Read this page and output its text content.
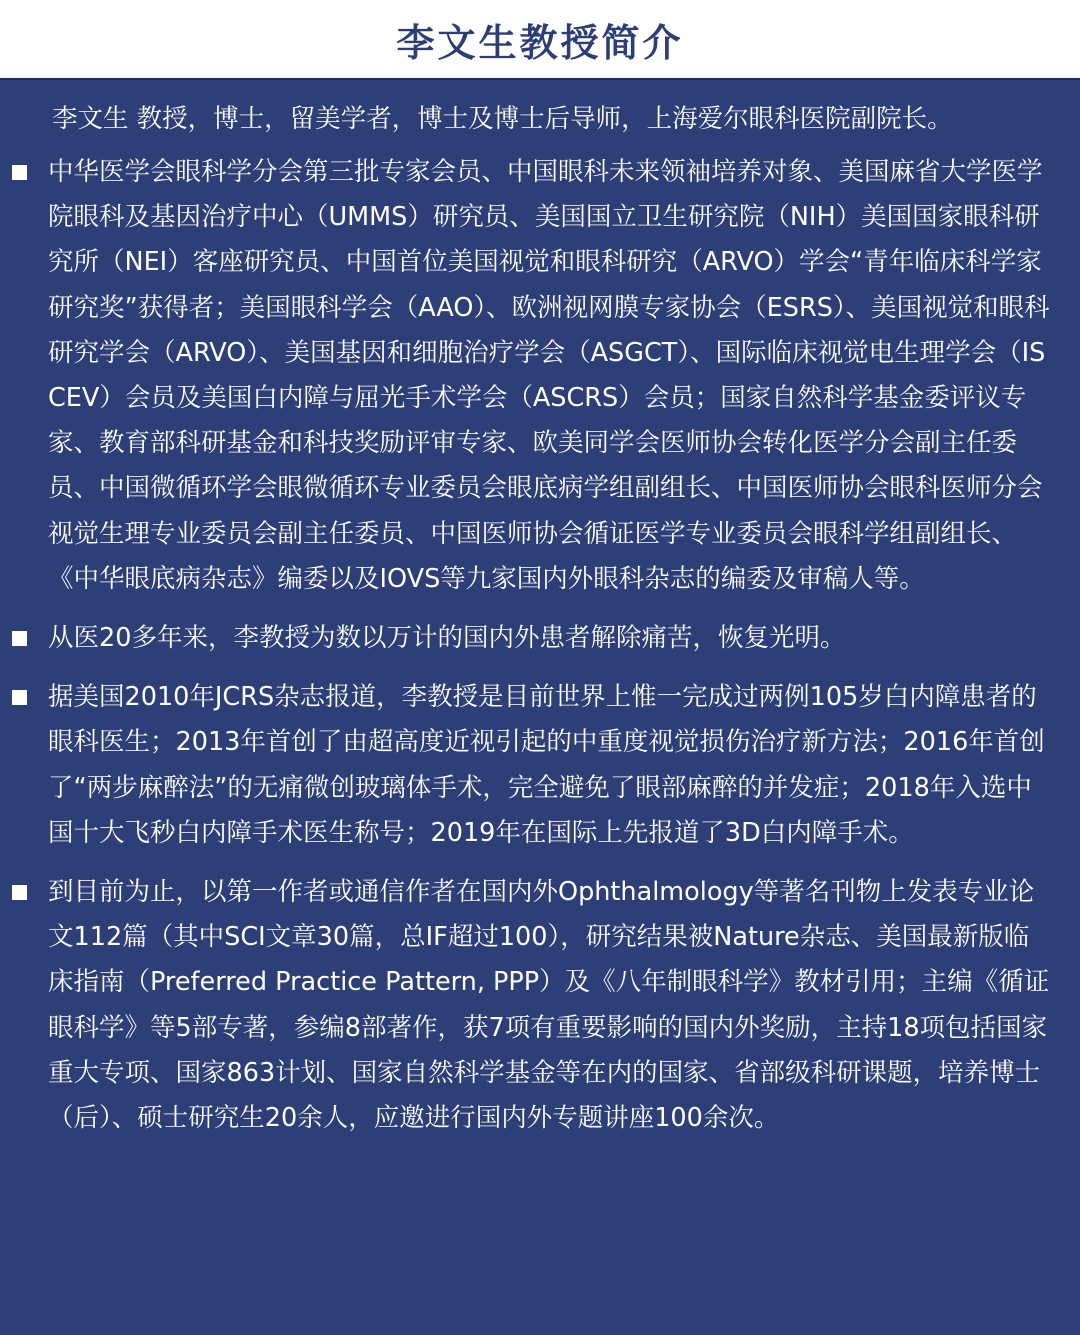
李文生教授简介

李文生 教授，博士，留美学者，博士及博士后导师，上海爱尔眼科医院副院长。

中华医学会眼科学分会第三批专家会员、中国眼科未来领袖培养对象、美国麻省大学医学院眼科及基因治疗中心（UMMS）研究员、美国国立卫生研究院（NIH）美国国家眼科研究所（NEI）客座研究员、中国首位美国视觉和眼科研究（ARVO）学会“青年临床科学家研究奖”获得者；美国眼科学会（AAO）、欧洲视网膜专家协会（ESRS）、美国视觉和眼科研究学会（ARVO）、美国基因和细胞治疗学会（ASGCT）、国际临床视觉电生理学会（ISCEV）会员及美国白内障与屈光手术学会（ASCRS）会员；国家自然科学基金委评议专家、教育部科研基金和科技奖励评审专家、欧美同学会医师协会转化医学分会副主任委员、中国微循环学会眼微循环专业委员会眼底病学组副组长、中国医师协会眼科医师分会视觉生理专业委员会副主任委员、中国医师协会循证医学专业委员会眼科学组副组长、《中华眼底病杂志》编委以及IOVS等九家国内外眼科杂志的编委及审稿人等。
从医20多年来，李教授为数以万计的国内外患者解除痛苦，恢复光明。
据美国2010年JCRS杂志报道，李教授是目前世界上惟一完成过两例105岁白内障患者的眼科医生；2013年首创了由超高度近视引起的中重度视觉损伤治疗新方法；2016年首创了“两步麻醉法”的无痛微创玻璃体手术，完全避免了眼部麻醉的并发症；2018年入选中国十大飞秒白内障手术医生称号；2019年在国际上先报道了3D白内障手术。
到目前为止，以第一作者或通信作者在国内外Ophthalmology等著名刊物上发表专业论文112篇（其中SCI文章30篇，总IF超过100），研究结果被Nature杂志、美国最新版临床指南（Preferred Practice Pattern, PPP）及《八年制眼科学》教材引用；主编《循证眼科学》等5部专著，参编8部著作，获7项有重要影响的国内外奖励，主持18项包括国家重大专项、国家863计划、国家自然科学基金等在内的国家、省部级科研课题，培养博士（后）、硕士研究生20余人，应邀进行国内外专题讲座100余次。
